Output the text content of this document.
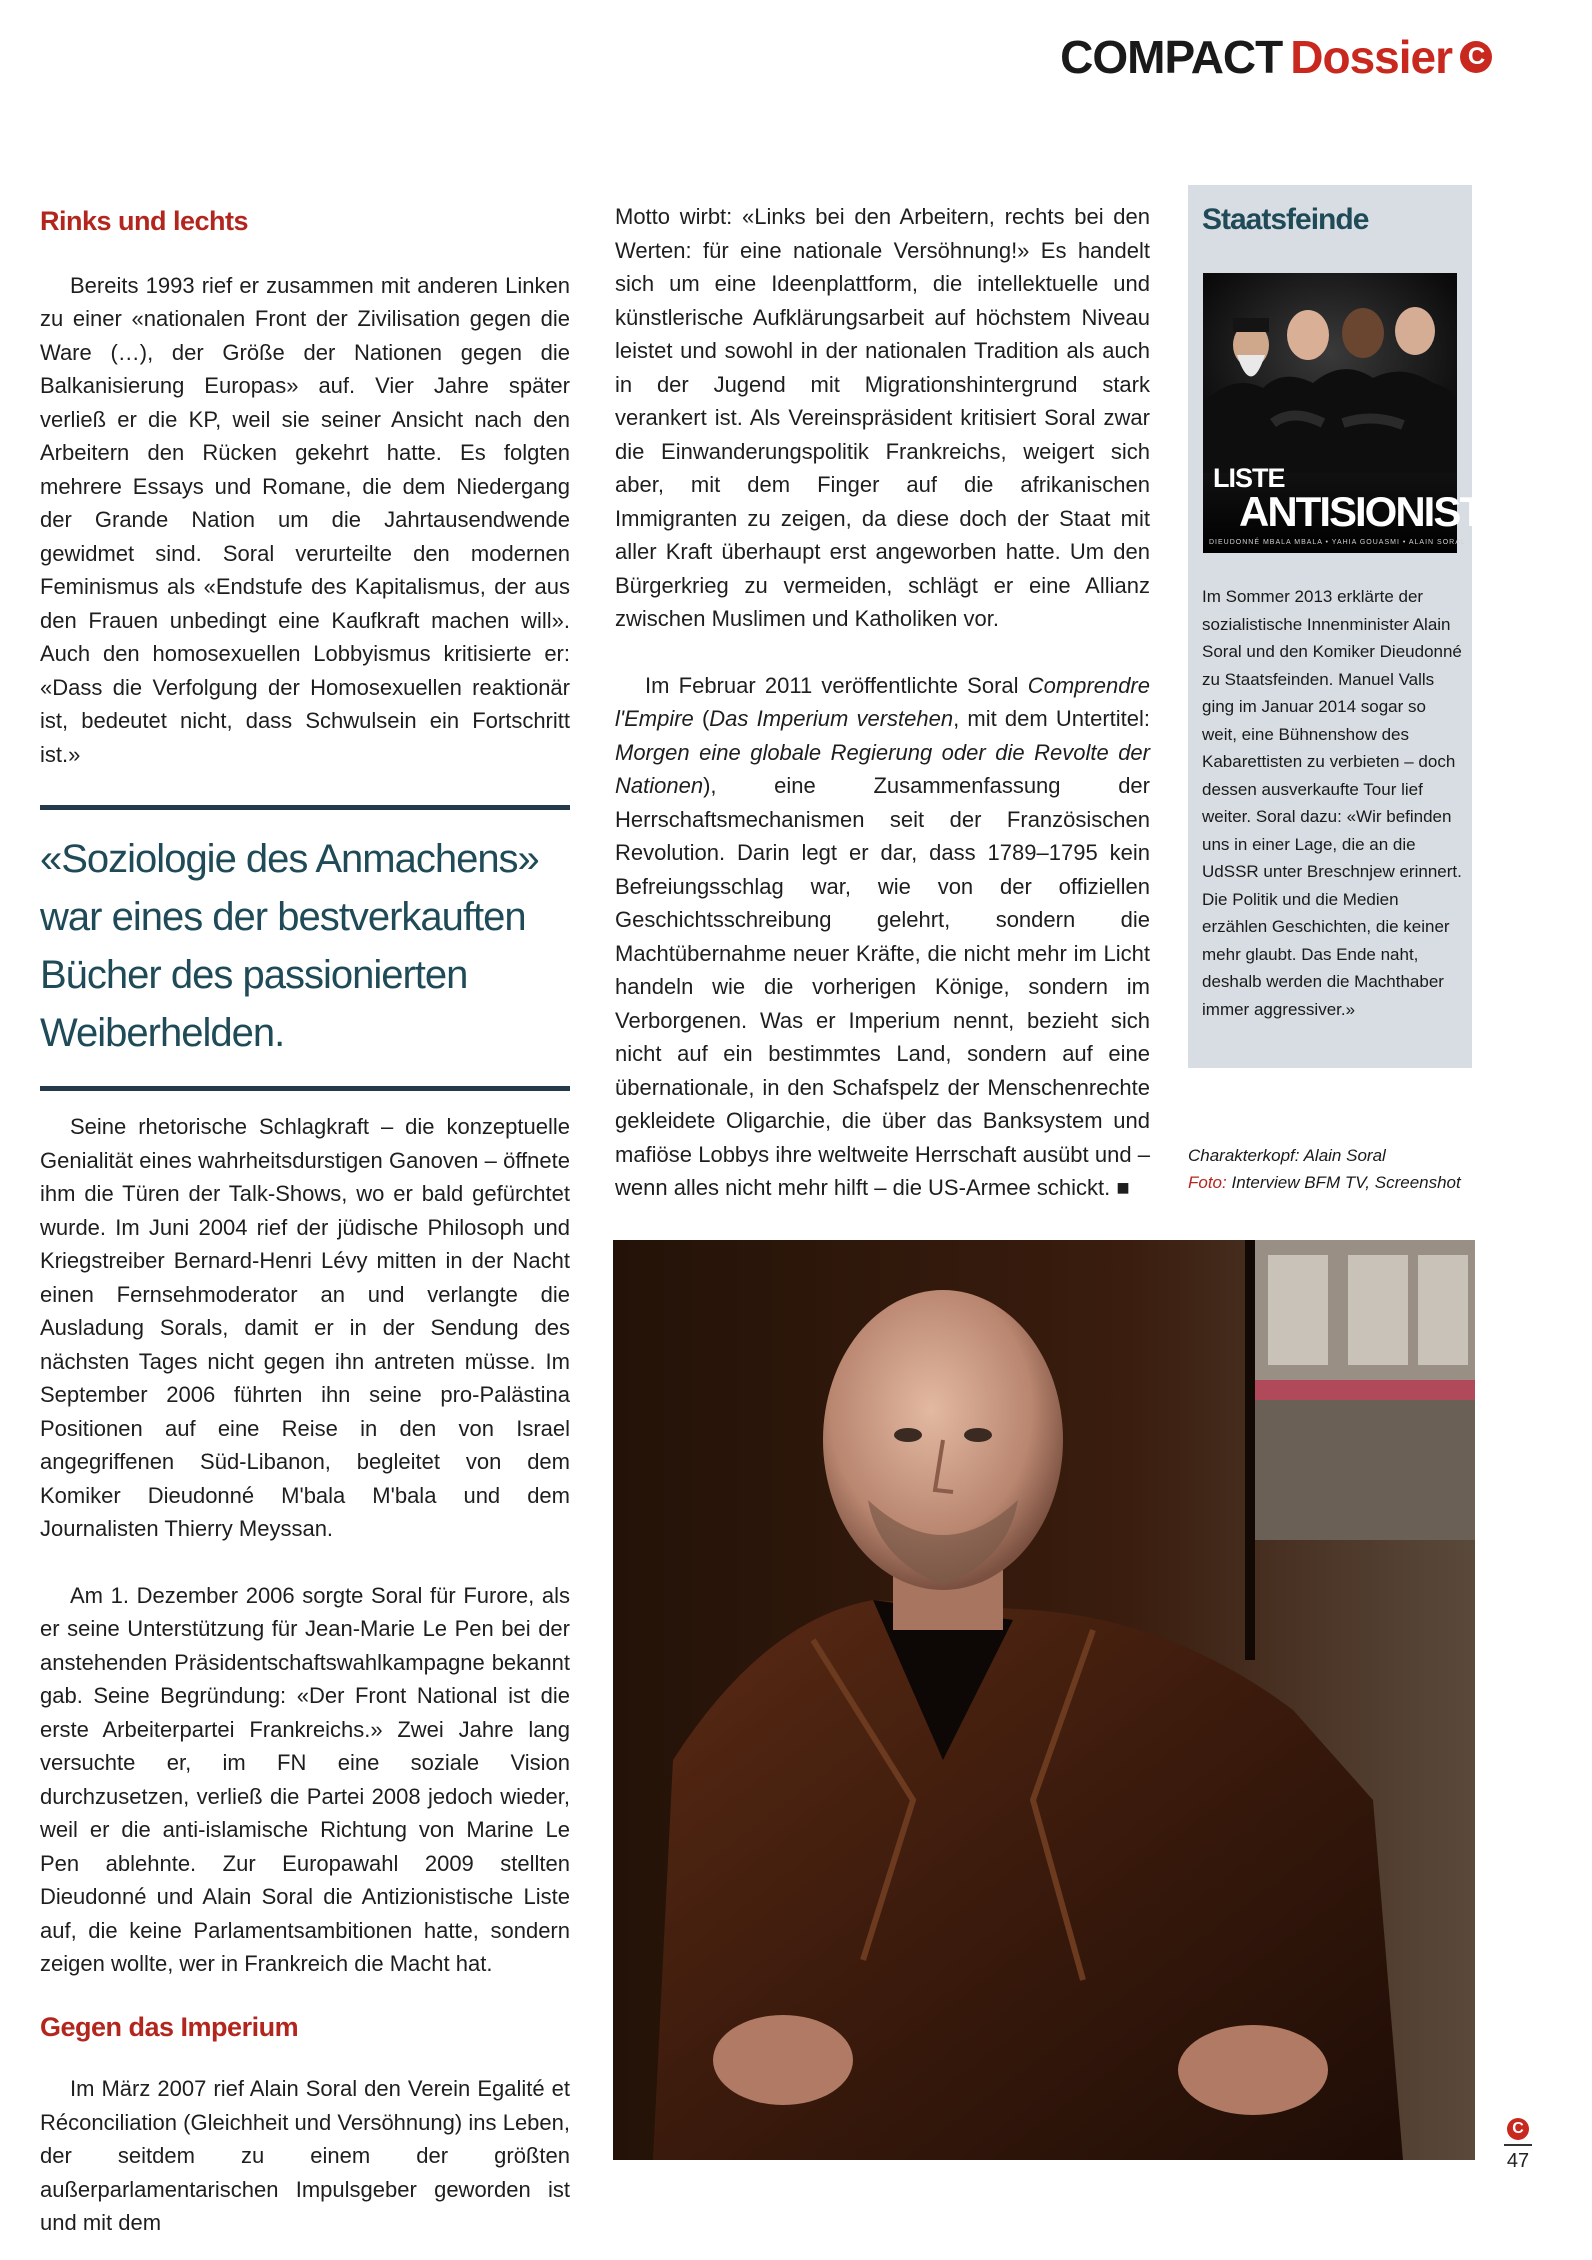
COMPACT Dossier C
Rinks und lechts

Bereits 1993 rief er zusammen mit anderen Linken zu einer «nationalen Front der Zivilisation gegen die Ware (…), der Größe der Nationen gegen die Balkanisierung Europas» auf. Vier Jahre später verließ er die KP, weil sie seiner Ansicht nach den Arbeitern den Rücken gekehrt hatte. Es folgten mehrere Essays und Romane, die dem Niedergang der Grande Nation um die Jahrtausendwende gewidmet sind. Soral verurteilte den modernen Feminismus als «Endstufe des Kapitalismus, der aus den Frauen unbedingt eine Kaufkraft machen will». Auch den homosexuellen Lobbyismus kritisierte er: «Dass die Verfolgung der Homosexuellen reaktionär ist, bedeutet nicht, dass Schwulsein ein Fortschritt ist.»

«Soziologie des Anmachens» war eines der bestverkauften Bücher des passionierten Weiberhelden.

Seine rhetorische Schlagkraft – die konzeptuelle Genialität eines wahrheitsdurstigen Ganoven – öffnete ihm die Türen der Talk-Shows, wo er bald gefürchtet wurde. Im Juni 2004 rief der jüdische Philosoph und Kriegstreiber Bernard-Henri Lévy mitten in der Nacht einen Fernsehmoderator an und verlangte die Ausladung Sorals, damit er in der Sendung des nächsten Tages nicht gegen ihn antreten müsse. Im September 2006 führten ihn seine pro-Palästina Positionen auf eine Reise in den von Israel angegriffenen Süd-Libanon, begleitet von dem Komiker Dieudonné M'bala M'bala und dem Journalisten Thierry Meyssan.

Am 1. Dezember 2006 sorgte Soral für Furore, als er seine Unterstützung für Jean-Marie Le Pen bei der anstehenden Präsidentschaftswahlkampagne bekannt gab. Seine Begründung: «Der Front National ist die erste Arbeiterpartei Frankreichs.» Zwei Jahre lang versuchte er, im FN eine soziale Vision durchzusetzen, verließ die Partei 2008 jedoch wieder, weil er die anti-islamische Richtung von Marine Le Pen ablehnte. Zur Europawahl 2009 stellten Dieudonné und Alain Soral die Antizionistische Liste auf, die keine Parlamentsambitionen hatte, sondern zeigen wollte, wer in Frankreich die Macht hat.

Gegen das Imperium

Im März 2007 rief Alain Soral den Verein Egalité et Réconciliation (Gleichheit und Versöhnung) ins Leben, der seitdem zu einem der größten außerparlamentarischen Impulsgeber geworden ist und mit dem

Motto wirbt: «Links bei den Arbeitern, rechts bei den Werten: für eine nationale Versöhnung!» Es handelt sich um eine Ideenplattform, die intellektuelle und künstlerische Aufklärungsarbeit auf höchstem Niveau leistet und sowohl in der nationalen Tradition als auch in der Jugend mit Migrationshintergrund stark verankert ist. Als Vereinspräsident kritisiert Soral zwar die Einwanderungspolitik Frankreichs, weigert sich aber, mit dem Finger auf die afrikanischen Immigranten zu zeigen, da diese doch der Staat mit aller Kraft überhaupt erst angeworben hatte. Um den Bürgerkrieg zu vermeiden, schlägt er eine Allianz zwischen Muslimen und Katholiken vor.

Im Februar 2011 veröffentlichte Soral Comprendre l'Empire (Das Imperium verstehen, mit dem Untertitel: Morgen eine globale Regierung oder die Revolte der Nationen), eine Zusammenfassung der Herrschaftsmechanismen seit der Französischen Revolution. Darin legt er dar, dass 1789–1795 kein Befreiungsschlag war, wie von der offiziellen Geschichtsschreibung gelehrt, sondern die Machtübernahme neuer Kräfte, die nicht mehr im Licht handeln wie die vorherigen Könige, sondern im Verborgenen. Was er Imperium nennt, bezieht sich nicht auf ein bestimmtes Land, sondern auf eine übernationale, in den Schafspelz der Menschenrechte gekleidete Oligarchie, die über das Banksystem und mafiöse Lobbys ihre weltweite Herrschaft ausübt und – wenn alles nicht mehr hilft – die US-Armee schickt. ■

Staatsfeinde
LISTE
ANTISIONISTE
DIEUDONNÉ MBALA MBALA • YAHIA GOUASMI • ALAIN SORAL
Im Sommer 2013 erklärte der sozialistische Innenminister Alain Soral und den Komiker Dieudonné zu Staatsfeinden. Manuel Valls ging im Januar 2014 sogar so weit, eine Bühnenshow des Kabarettisten zu verbieten – doch dessen ausverkaufte Tour lief weiter. Soral dazu: «Wir befinden uns in einer Lage, die an die UdSSR unter Breschnjew erinnert. Die Politik und die Medien erzählen Geschichten, die keiner mehr glaubt. Das Ende naht, deshalb werden die Machthaber immer aggressiver.»
Charakterkopf: Alain Soral
Foto: Interview BFM TV, Screenshot
C
47
